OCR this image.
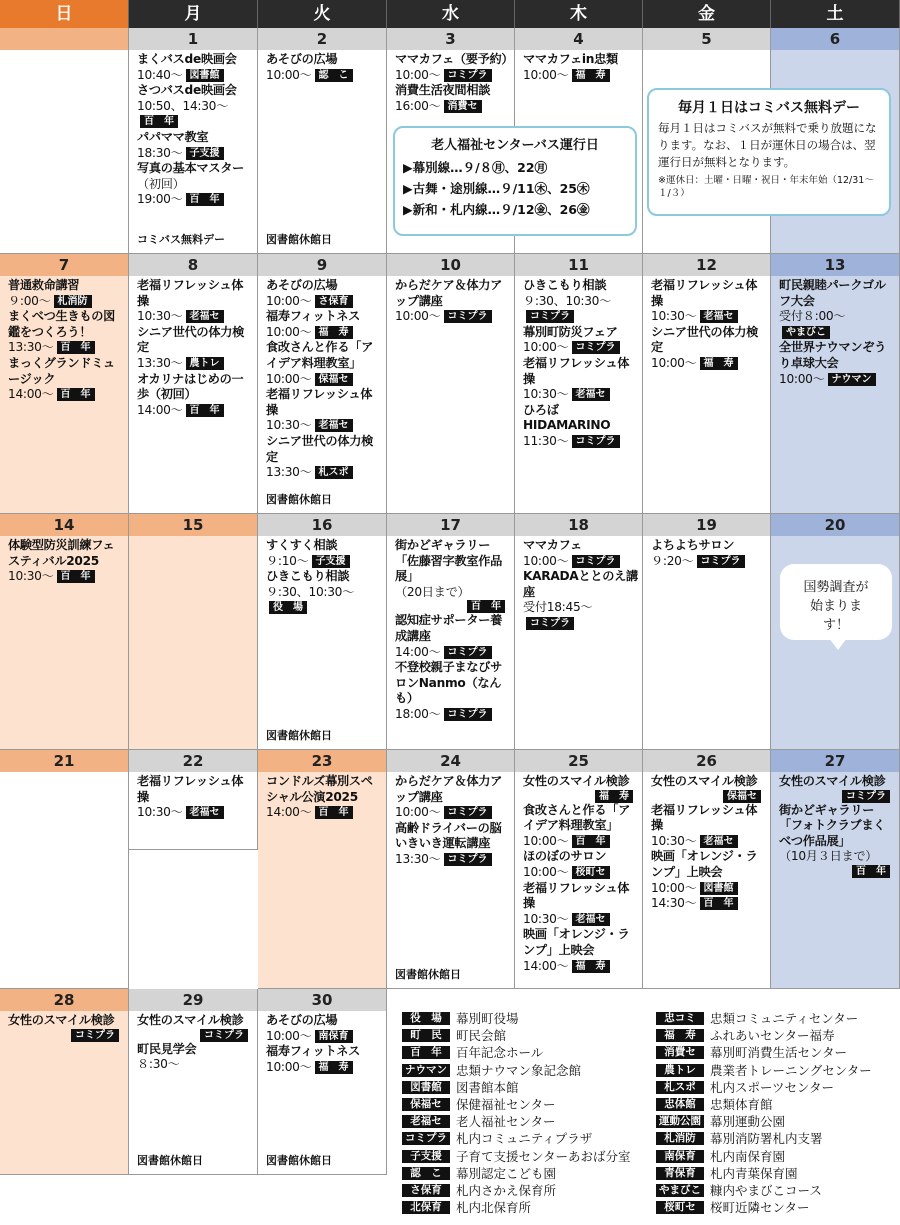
日	月	火	水	木	金	土
1
まくバスde映画会
10:40～ 図書館
さつバスde映画会
10:50、14:30～百　年
パパママ教室
18:30～ 子支援
写真の基本マスター
（初回）
19:00～ 百　年
コミバス無料デー
2
あそびの広場
10:00～ 認　こ
図書館休館日
3
ママカフェ（要予約）
10:00～ コミプラ
消費生活夜間相談
16:00～ 消費セ
4
ママカフェin忠類
10:00～ 福　寿
5	6
老人福祉センターバス運行日
▶幕別線…９/８㊊、22㊊
▶古舞・途別線…９/11㊍、25㊍
▶新和・札内線…９/12㊎、26㊎
毎月１日はコミバス無料デー
毎月１日はコミバスが無料で乗り放題になります。なお、１日が運休日の場合は、翌運行日が無料となります。
※運休日：土曜・日曜・祝日・年末年始（12/31～１/３）
7
普通救命講習
９:00～ 札消防
まくべつ生きもの図鑑をつくろう！
13:30～ 百　年
まっくグランドミュージック
14:00～ 百　年
8
老福リフレッシュ体操
10:30～ 老福セ
シニア世代の体力検定
13:30～ 農トレ
オカリナはじめの一歩（初回）
14:00～ 百　年
9
あそびの広場
10:00～ さ保育
福寿フィットネス
10:00～ 福　寿
食改さんと作る「アイデア料理教室」
10:00～ 保福セ
老福リフレッシュ体操
10:30～ 老福セ
シニア世代の体力検定
13:30～ 札スポ
図書館休館日
10
からだケア＆体力アップ講座
10:00～ コミプラ
11
ひきこもり相談
９:30、10:30～コミプラ
幕別町防災フェア
10:00～ コミプラ
老福リフレッシュ体操
10:30～ 老福セ
ひろばHIDAMARINO
11:30～ コミプラ
12
老福リフレッシュ体操
10:30～ 老福セ
シニア世代の体力検定
10:00～ 福　寿
13
町民親睦パークゴルフ大会
受付８:00～やまびこ
全世界ナウマンぞうり卓球大会
10:00～ ナウマン
14
体験型防災訓練フェスティバル2025
10:30～ 百　年
15	16
すくすく相談
９:10～ 子支援
ひきこもり相談
９:30、10:30～役　場
図書館休館日
17
街かどギャラリー「佐藤習字教室作品展」
（20日まで）
百　年
認知症サポーター養成講座
14:00～ コミプラ
不登校親子まなびサロンNanmo（なんも）
18:00～ コミプラ
18
ママカフェ
10:00～ コミプラ
KARADAととのえ講座
受付18:45～コミプラ
19
よちよちサロン
９:20～ コミプラ
20
国勢調査が始まります！
21	22
老福リフレッシュ体操
10:30～ 老福セ
23
コンドルズ幕別スペシャル公演2025
14:00～ 百　年
24
からだケア＆体力アップ講座
10:00～ コミプラ
高齢ドライバーの脳いきいき運転講座
13:30～ コミプラ
図書館休館日
25
女性のスマイル検診
福　寿
食改さんと作る「アイデア料理教室」
10:00～ 百　年
ほのぼのサロン
10:00～ 桜町セ
老福リフレッシュ体操
10:30～ 老福セ
映画「オレンジ・ランプ」上映会
14:00～ 福　寿
26
女性のスマイル検診
保福セ
老福リフレッシュ体操
10:30～ 老福セ
映画「オレンジ・ランプ」上映会
10:00～ 図書館
14:30～ 百　年
27
女性のスマイル検診
コミプラ
街かどギャラリー「フォトクラブまくべつ作品展」
（10月３日まで）
百　年
28
女性のスマイル検診
コミプラ
29
女性のスマイル検診
コミプラ
町民見学会
８:30～
図書館休館日
30
あそびの広場
10:00～ 南保育
福寿フィットネス
10:00～ 福　寿
図書館休館日
役　場	幕別町役場
町　民	町民会館
百　年	百年記念ホール
ナウマン 忠類ナウマン象記念館
図書館	図書館本館
保福セ	保健福祉センター
老福セ	老人福祉センター
コミプラ 札内コミュニティプラザ
子支援	子育て支援センターあおば分室
認　こ	幕別認定こども園
さ保育	札内さかえ保育所
北保育	札内北保育所
忠コミ	忠類コミュニティセンター
福　寿	ふれあいセンター福寿
消費セ	幕別町消費生活センター
農トレ	農業者トレーニングセンター
札スポ	札内スポーツセンター
忠体館	忠類体育館
運動公園 幕別運動公園
札消防	幕別消防署札内支署
南保育	札内南保育園
青保育	札内青葉保育園
やまびこ 糠内やまびこコース
桜町セ	桜町近隣センター
